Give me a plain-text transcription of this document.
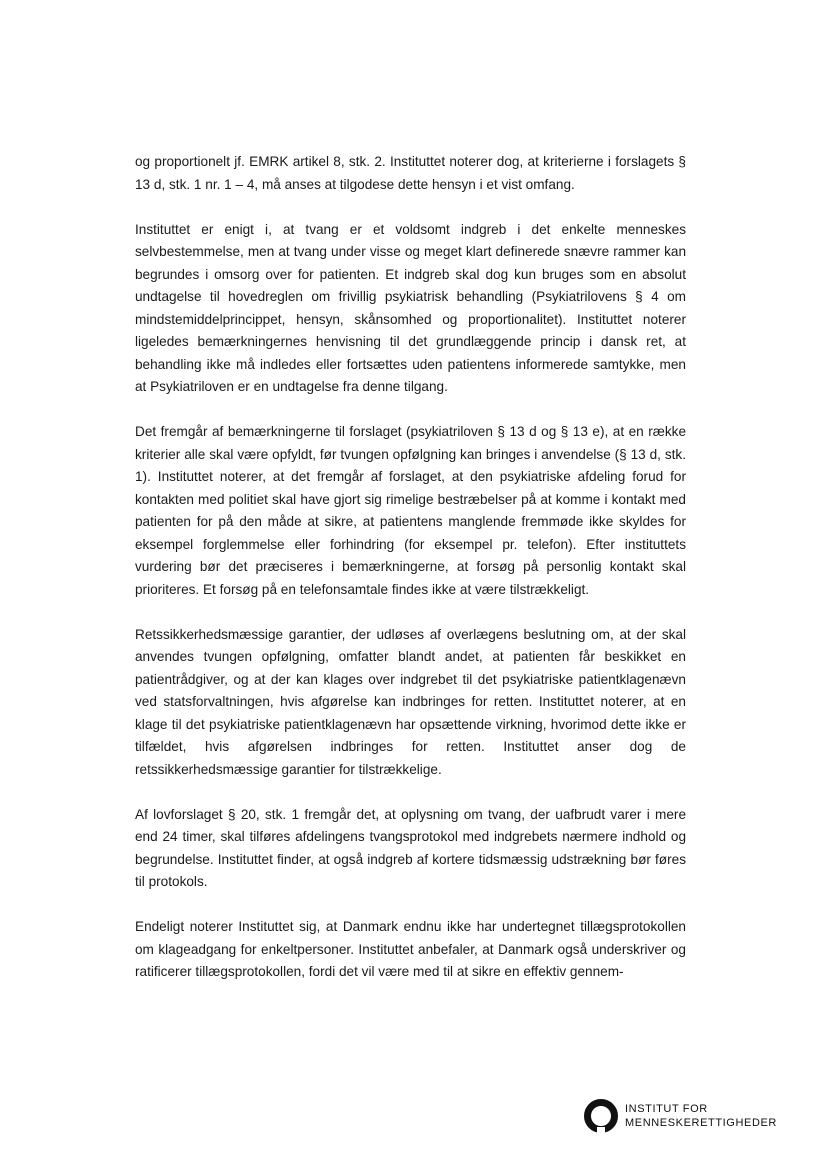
og proportionelt jf. EMRK artikel 8, stk. 2. Instituttet noterer dog, at kriterierne i forslagets § 13 d, stk. 1 nr. 1 – 4, må anses at tilgodese dette hensyn i et vist omfang.

Instituttet er enigt i, at tvang er et voldsomt indgreb i det enkelte menneskes selvbestemmelse, men at tvang under visse og meget klart definerede snævre rammer kan begrundes i omsorg over for patienten. Et indgreb skal dog kun bruges som en absolut undtagelse til hovedreglen om frivillig psykiatrisk behandling (Psykiatrilovens § 4 om mindstemiddelprincippet, hensyn, skånsomhed og proportionalitet). Instituttet noterer ligeledes bemærkningernes henvisning til det grundlæggende princip i dansk ret, at behandling ikke må indledes eller fortsættes uden patientens informerede samtykke, men at Psykiatriloven er en undtagelse fra denne tilgang.

Det fremgår af bemærkningerne til forslaget (psykiatriloven § 13 d og § 13 e), at en række kriterier alle skal være opfyldt, før tvungen opfølgning kan bringes i anvendelse (§ 13 d, stk. 1). Instituttet noterer, at det fremgår af forslaget, at den psykiatriske afdeling forud for kontakten med politiet skal have gjort sig rimelige bestræbelser på at komme i kontakt med patienten for på den måde at sikre, at patientens manglende fremmøde ikke skyldes for eksempel forglemmelse eller forhindring (for eksempel pr. telefon). Efter instituttets vurdering bør det præciseres i bemærkningerne, at forsøg på personlig kontakt skal prioriteres. Et forsøg på en telefonsamtale findes ikke at være tilstrækkeligt.

Retssikkerhedsmæssige garantier, der udløses af overlægens beslutning om, at der skal anvendes tvungen opfølgning, omfatter blandt andet, at patienten får beskikket en patientrådgiver, og at der kan klages over indgrebet til det psykiatriske patientklagenævn ved statsforvaltningen, hvis afgørelse kan indbringes for retten. Instituttet noterer, at en klage til det psykiatriske patientklagenævn har opsættende virkning, hvorimod dette ikke er tilfældet, hvis afgørelsen indbringes for retten. Instituttet anser dog de retssikkerhedsmæssige garantier for tilstrækkelige.

Af lovforslaget § 20, stk. 1 fremgår det, at oplysning om tvang, der uafbrudt varer i mere end 24 timer, skal tilføres afdelingens tvangsprotokol med indgrebets nærmere indhold og begrundelse. Instituttet finder, at også indgreb af kortere tidsmæssig udstrækning bør føres til protokols.

Endeligt noterer Instituttet sig, at Danmark endnu ikke har undertegnet tillægsprotokollen om klageadgang for enkeltpersoner. Instituttet anbefaler, at Danmark også underskriver og ratificerer tillægsprotokollen, fordi det vil være med til at sikre en effektiv gennem-

INSTITUT FOR
MENNESKERETTIGHEDER
